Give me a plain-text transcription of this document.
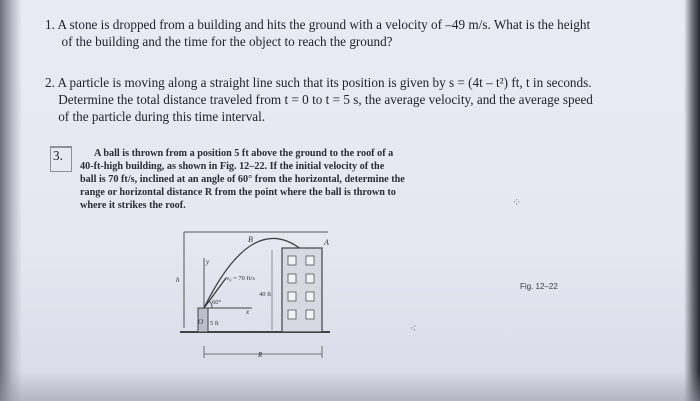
1. A stone is dropped from a building and hits the ground with a velocity of –49 m/s. What is the height
of the building and the time for the object to reach the ground?
2. A particle is moving along a straight line such that its position is given by s = (4t – t²) ft, t in seconds.
Determine the total distance traveled from t = 0 to t = 5 s, the average velocity, and the average speed
of the particle during this time interval.
3.	A ball is thrown from a position 5 ft above the ground to the roof of a
40-ft-high building, as shown in Fig. 12–22. If the initial velocity of the
ball is 70 ft/s, inclined at an angle of 60° from the horizontal, determine the
range or horizontal distance R from the point where the ball is thrown to
where it strikes the roof.
B	A
y
x
h
O
v₀ = 70 ft/s
60°
40 ft
5 ft
R
Fig. 12–22
⁘
⁖
